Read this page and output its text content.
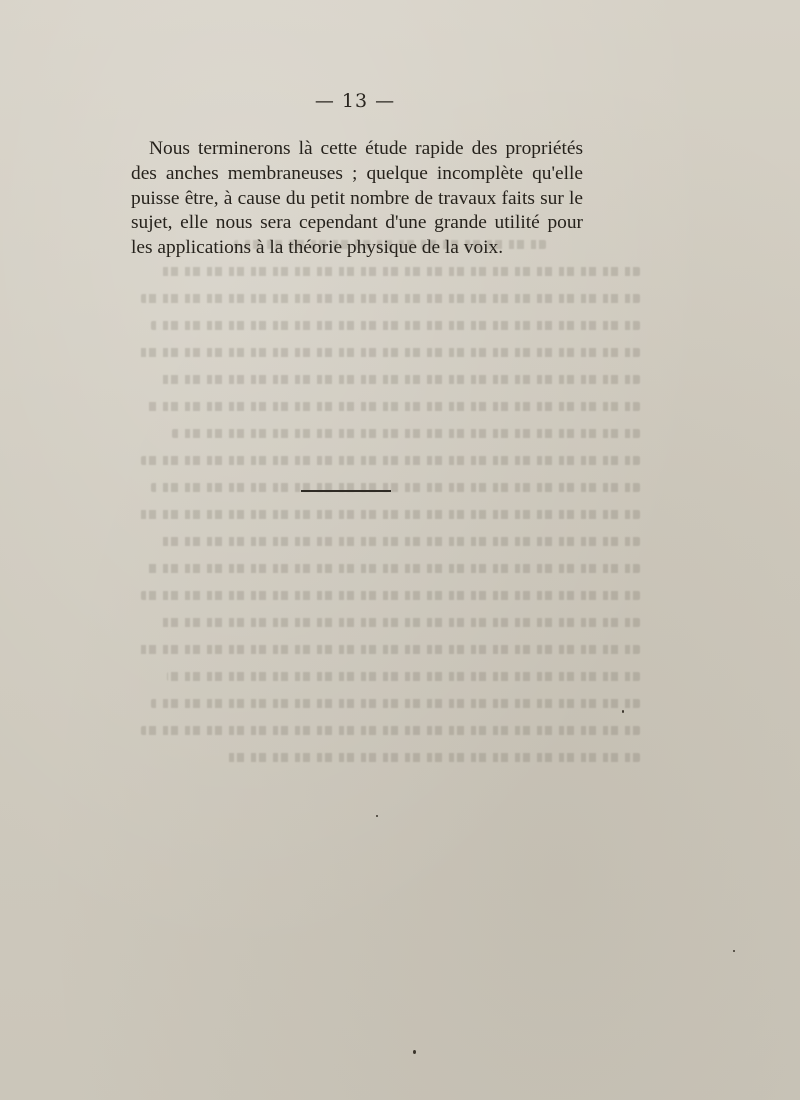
— 13 —

Nous terminerons là cette étude rapide des propriétés des anches membraneuses ; quelque incomplète qu'elle puisse être, à cause du petit nombre de travaux faits sur le sujet, elle nous sera cependant d'une grande utilité pour les applications à la théorie physique de la voix.
